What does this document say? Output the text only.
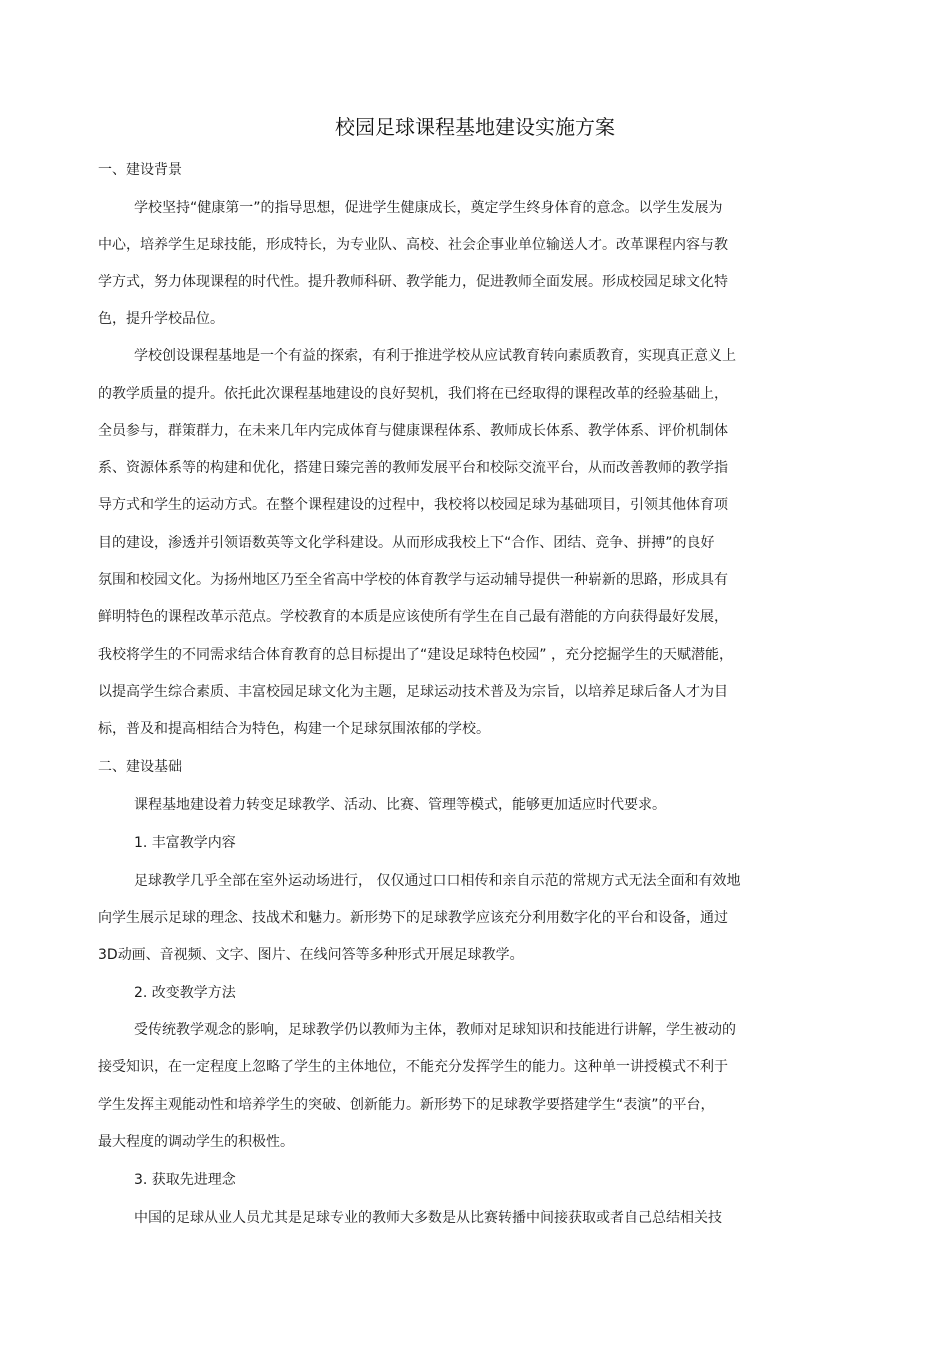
校园足球课程基地建设实施方案
一、建设背景
学校坚持“健康第一”的指导思想，促进学生健康成长，奠定学生终身体育的意念。以学生发展为
中心，培养学生足球技能，形成特长，为专业队、高校、社会企事业单位输送人才。改革课程内容与教
学方式，努力体现课程的时代性。提升教师科研、教学能力，促进教师全面发展。形成校园足球文化特
色，提升学校品位。
学校创设课程基地是一个有益的探索，有利于推进学校从应试教育转向素质教育，实现真正意义上
的教学质量的提升。依托此次课程基地建设的良好契机，我们将在已经取得的课程改革的经验基础上，
全员参与，群策群力，在未来几年内完成体育与健康课程体系、教师成长体系、教学体系、评价机制体
系、资源体系等的构建和优化，搭建日臻完善的教师发展平台和校际交流平台，从而改善教师的教学指
导方式和学生的运动方式。在整个课程建设的过程中，我校将以校园足球为基础项目，引领其他体育项
目的建设，渗透并引领语数英等文化学科建设。从而形成我校上下“合作、团结、竞争、拼搏”的良好
氛围和校园文化。为扬州地区乃至全省高中学校的体育教学与运动辅导提供一种崭新的思路，形成具有
鲜明特色的课程改革示范点。学校教育的本质是应该使所有学生在自己最有潜能的方向获得最好发展，
我校将学生的不同需求结合体育教育的总目标提出了“建设足球特色校园” ，充分挖掘学生的天赋潜能，
以提高学生综合素质、丰富校园足球文化为主题，足球运动技术普及为宗旨，以培养足球后备人才为目
标，普及和提高相结合为特色，构建一个足球氛围浓郁的学校。
二、建设基础
课程基地建设着力转变足球教学、活动、比赛、管理等模式，能够更加适应时代要求。
1. 丰富教学内容
足球教学几乎全部在室外运动场进行， 仅仅通过口口相传和亲自示范的常规方式无法全面和有效地
向学生展示足球的理念、技战术和魅力。新形势下的足球教学应该充分利用数字化的平台和设备，通过
3D动画、音视频、文字、图片、在线问答等多种形式开展足球教学。
2. 改变教学方法
受传统教学观念的影响，足球教学仍以教师为主体，教师对足球知识和技能进行讲解，学生被动的
接受知识，在一定程度上忽略了学生的主体地位，不能充分发挥学生的能力。这种单一讲授模式不利于
学生发挥主观能动性和培养学生的突破、创新能力。新形势下的足球教学要搭建学生“表演”的平台，
最大程度的调动学生的积极性。
3. 获取先进理念
中国的足球从业人员尤其是足球专业的教师大多数是从比赛转播中间接获取或者自己总结相关技
